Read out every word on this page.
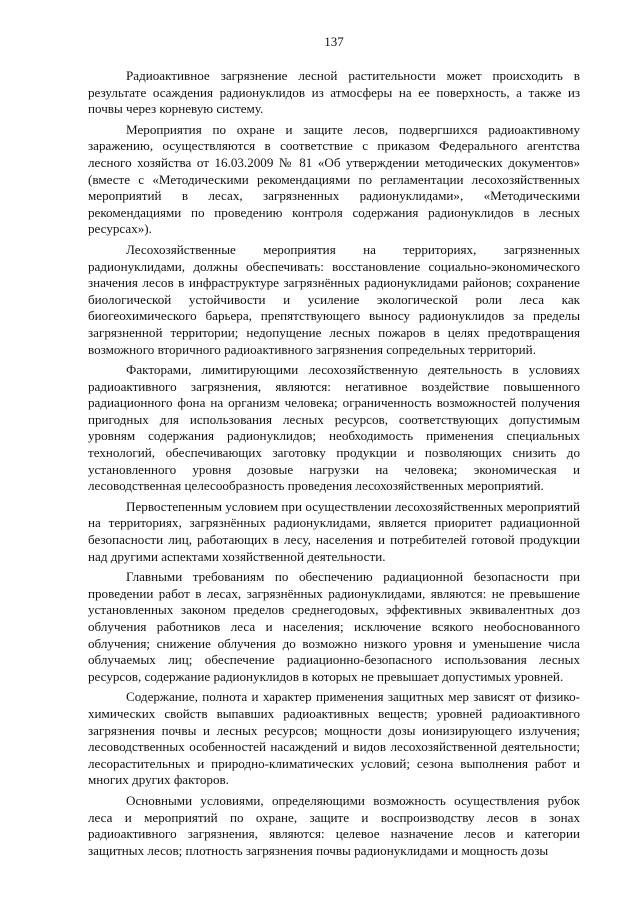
137

Радиоактивное загрязнение лесной растительности может происходить в результате осаждения радионуклидов из атмосферы на ее поверхность, а также из почвы через корневую систему.

Мероприятия по охране и защите лесов, подвергшихся радиоактивному заражению, осуществляются в соответствие с приказом Федерального агентства лесного хозяйства от 16.03.2009 № 81 «Об утверждении методических документов» (вместе с «Методическими рекомендациями по регламентации лесохозяйственных мероприятий в лесах, загрязненных радионуклидами», «Методическими рекомендациями по проведению контроля содержания радионуклидов в лесных ресурсах»).

Лесохозяйственные мероприятия на территориях, загрязненных радионуклидами, должны обеспечивать: восстановление социально-экономического значения лесов в инфраструктуре загрязнённых радионуклидами районов; сохранение биологической устойчивости и усиление экологической роли леса как биогеохимического барьера, препятствующего выносу радионуклидов за пределы загрязненной территории; недопущение лесных пожаров в целях предотвращения возможного вторичного радиоактивного загрязнения сопредельных территорий.

Факторами, лимитирующими лесохозяйственную деятельность в условиях радиоактивного загрязнения, являются: негативное воздействие повышенного радиационного фона на организм человека; ограниченность возможностей получения пригодных для использования лесных ресурсов, соответствующих допустимым уровням содержания радионуклидов; необходимость применения специальных технологий, обеспечивающих заготовку продукции и позволяющих снизить до установленного уровня дозовые нагрузки на человека; экономическая и лесоводственная целесообразность проведения лесохозяйственных мероприятий.

Первостепенным условием при осуществлении лесохозяйственных мероприятий на территориях, загрязнённых радионуклидами, является приоритет радиационной безопасности лиц, работающих в лесу, населения и потребителей готовой продукции над другими аспектами хозяйственной деятельности.

Главными требованиям по обеспечению радиационной безопасности при проведении работ в лесах, загрязнённых радионуклидами, являются: не превышение установленных законом пределов среднегодовых, эффективных эквивалентных доз облучения работников леса и населения; исключение всякого необоснованного облучения; снижение облучения до возможно низкого уровня и уменьшение числа облучаемых лиц; обеспечение радиационно-безопасного использования лесных ресурсов, содержание радионуклидов в которых не превышает допустимых уровней.

Содержание, полнота и характер применения защитных мер зависят от физико-химических свойств выпавших радиоактивных веществ; уровней радиоактивного загрязнения почвы и лесных ресурсов; мощности дозы ионизирующего излучения; лесоводственных особенностей насаждений и видов лесохозяйственной деятельности; лесорастительных и природно-климатических условий; сезона выполнения работ и многих других факторов.

Основными условиями, определяющими возможность осуществления рубок леса и мероприятий по охране, защите и воспроизводству лесов в зонах радиоактивного загрязнения, являются: целевое назначение лесов и категории защитных лесов; плотность загрязнения почвы радионуклидами и мощность дозы
